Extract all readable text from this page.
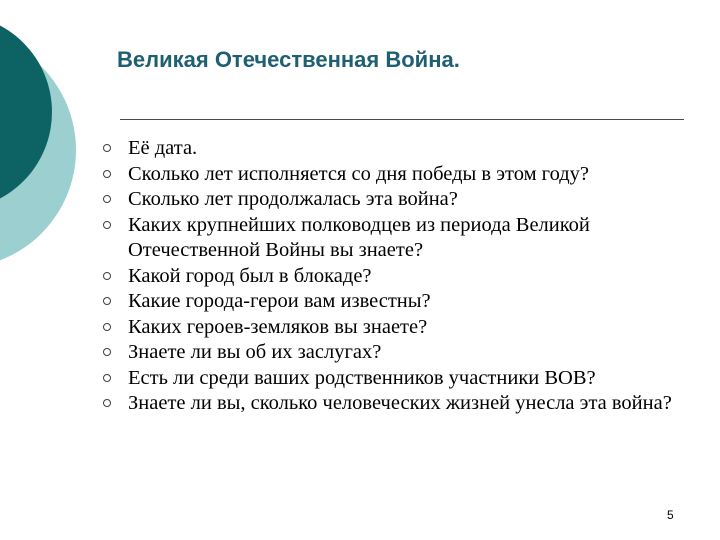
Великая Отечественная Война.
Её дата.
Сколько лет исполняется со дня победы в этом году?
Сколько лет продолжалась эта война?
Каких крупнейших полководцев из периода Великой Отечественной Войны вы знаете?
Какой город был в блокаде?
Какие города-герои вам известны?
Каких героев-земляков вы знаете?
Знаете ли вы об их заслугах?
Есть ли среди ваших родственников участники ВОВ?
Знаете ли вы, сколько человеческих жизней унесла эта война?
5
